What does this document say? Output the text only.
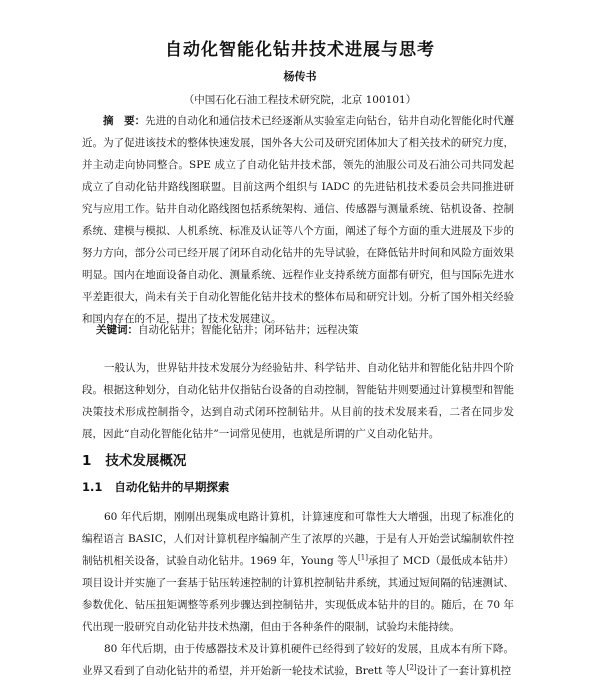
自动化智能化钻井技术进展与思考
杨传书
（中国石化石油工程技术研究院，北京 100101）
摘　要：先进的自动化和通信技术已经逐渐从实验室走向钻台，钻井自动化智能化时代邂近。为了促进该技术的整体快速发展，国外各大公司及研究团体加大了相关技术的研究力度，并主动走向协同整合。SPE 成立了自动化钻井技术部，领先的油服公司及石油公司共同发起成立了自动化钻井路线图联盟。目前这两个组织与 IADC 的先进钻机技术委员会共同推进研究与应用工作。钻井自动化路线图包括系统架构、通信、传感器与测量系统、钻机设备、控制系统、建模与模拟、人机系统、标准及认证等八个方面，阐述了每个方面的重大进展及下步的努力方向，部分公司已经开展了闭环自动化钻井的先导试验，在降低钻井时间和风险方面效果明显。国内在地面设备自动化、测量系统、远程作业支持系统方面都有研究，但与国际先进水平差距很大，尚未有关于自动化智能化钻井技术的整体布局和研究计划。分析了国外相关经验和国内存在的不足，提出了技术发展建议。
关键词：自动化钻井；智能化钻井；闭环钻井；远程决策
一般认为，世界钻井技术发展分为经验钻井、科学钻井、自动化钻井和智能化钻井四个阶段。根据这种划分，自动化钻井仅指钻台设备的自动控制，智能钻井则要通过计算模型和智能决策技术形成控制指令，达到自动式闭环控制钻井。从目前的技术发展来看，二者在同步发展，因此“自动化智能化钻井”一词常见使用，也就是所谓的广义自动化钻井。
1 技术发展概况
1.1 自动化钻井的早期探索
60 年代后期，刚刚出现集成电路计算机，计算速度和可靠性大大增强，出现了标准化的编程语言 BASIC，人们对计算机程序编制产生了浓厚的兴趣，于是有人开始尝试编制软件控制钻机相关设备，试验自动化钻井。1969 年，Young 等人[1]承担了 MCD（最低成本钻井）项目设计并实施了一套基于钻压转速控制的计算机控制钻井系统，其通过短间隔的钻速测试、参数优化、钻压扭矩调整等系列步骤达到控制钻井，实现低成本钻井的目的。随后，在 70 年代出现一股研究自动化钻井技术热潮，但由于各种条件的限制，试验均未能持续。
80 年代后期，由于传感器技术及计算机硬件已经得到了较好的发展，且成本有所下降。业界又看到了自动化钻井的希望，并开始新一轮技术试验，Brett 等人[2]设计了一套计算机控
